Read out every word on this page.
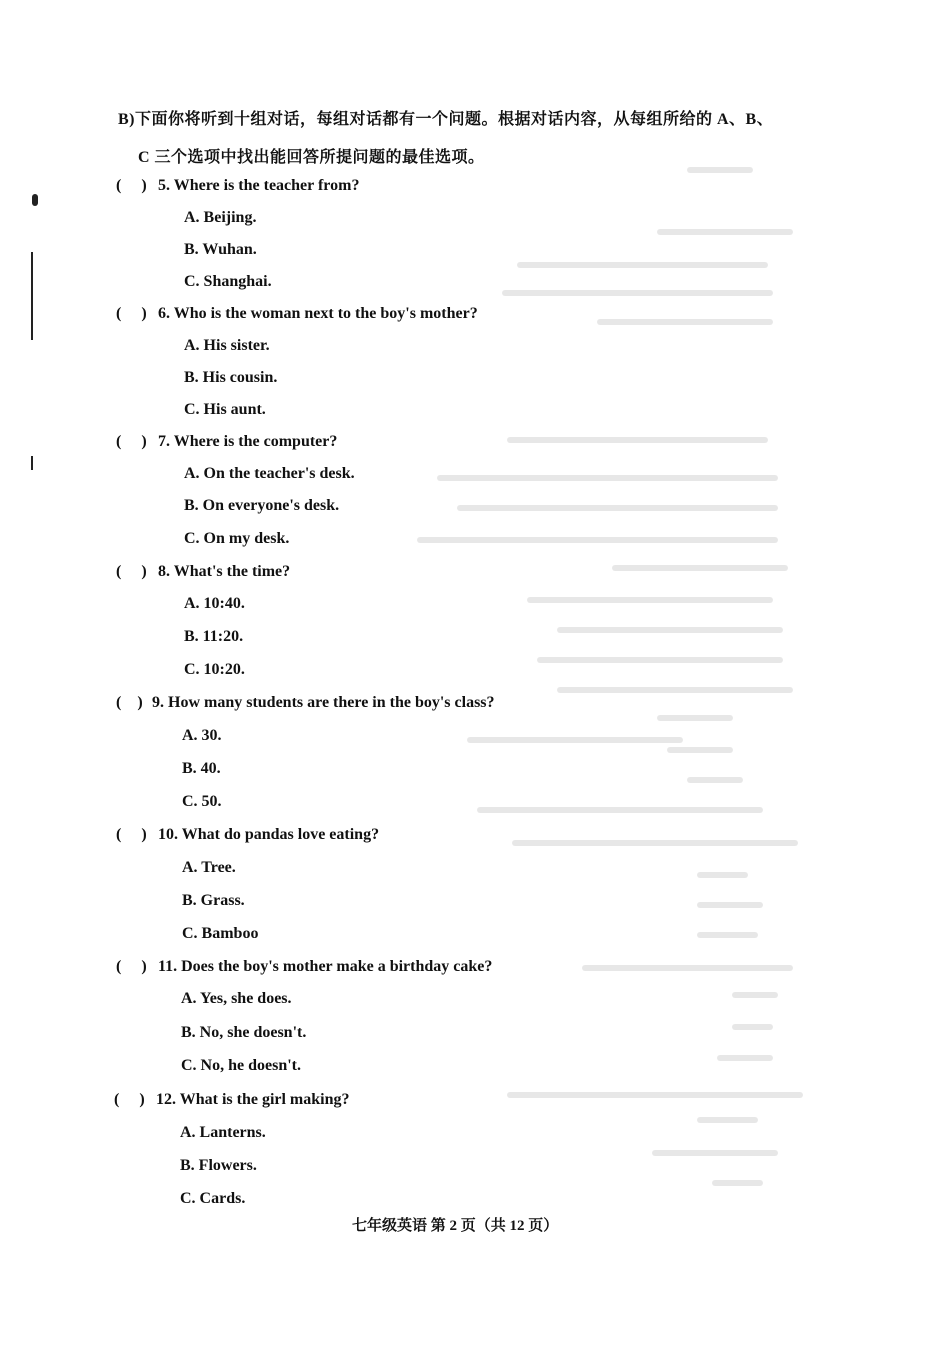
B)下面你将听到十组对话，每组对话都有一个问题。根据对话内容，从每组所给的 A、B、
C 三个选项中找出能回答所提问题的最佳选项。
( ) 5. Where is the teacher from?
A. Beijing.
B. Wuhan.
C. Shanghai.
( ) 6. Who is the woman next to the boy's mother?
A. His sister.
B. His cousin.
C. His aunt.
( ) 7. Where is the computer?
A. On the teacher's desk.
B. On everyone's desk.
C. On my desk.
( ) 8. What's the time?
A. 10:40.
B. 11:20.
C. 10:20.
( ) 9. How many students are there in the boy's class?
A. 30.
B. 40.
C. 50.
( ) 10. What do pandas love eating?
A. Tree.
B. Grass.
C. Bamboo
( ) 11. Does the boy's mother make a birthday cake?
A. Yes, she does.
B. No, she doesn't.
C. No, he doesn't.
( ) 12. What is the girl making?
A. Lanterns.
B. Flowers.
C. Cards.
七年级英语 第 2 页（共 12 页）
